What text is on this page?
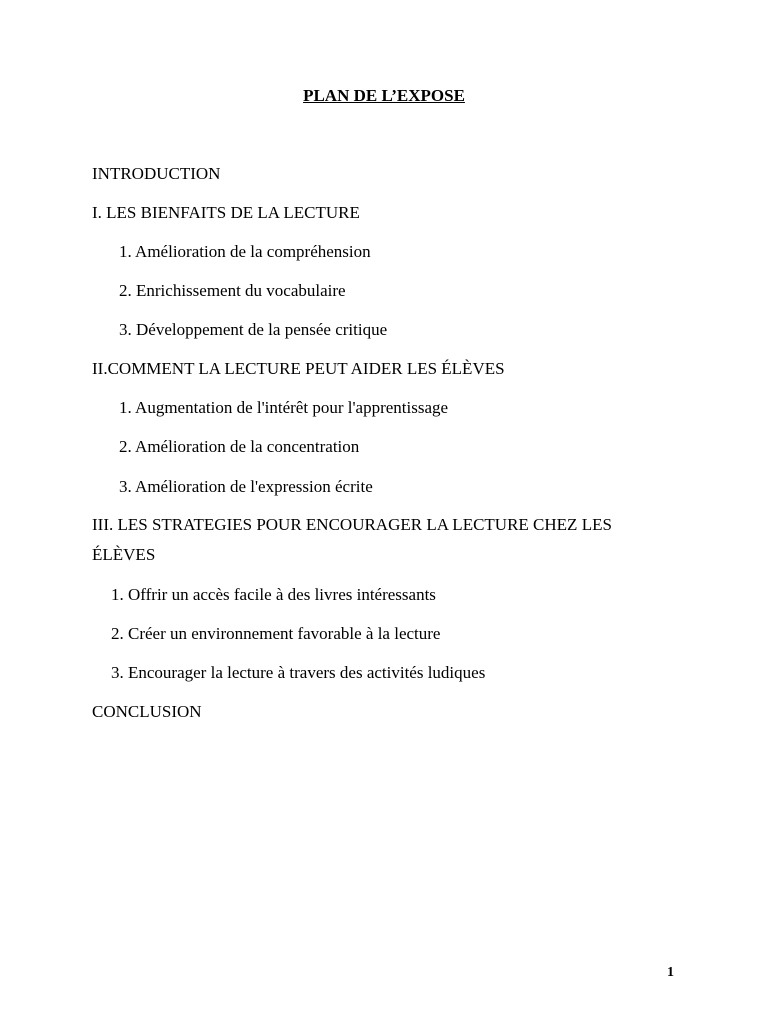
PLAN DE L’EXPOSE
INTRODUCTION
I. LES BIENFAITS DE LA LECTURE
1. Amélioration de la compréhension
2. Enrichissement du vocabulaire
3. Développement de la pensée critique
II.COMMENT LA LECTURE PEUT AIDER LES ÉLÈVES
1. Augmentation de l'intérêt pour l'apprentissage
2. Amélioration de la concentration
3. Amélioration de l'expression écrite
III. LES STRATEGIES POUR ENCOURAGER LA LECTURE CHEZ LES
ÉLÈVES
1. Offrir un accès facile à des livres intéressants
2. Créer un environnement favorable à la lecture
3. Encourager la lecture à travers des activités ludiques
CONCLUSION
1
